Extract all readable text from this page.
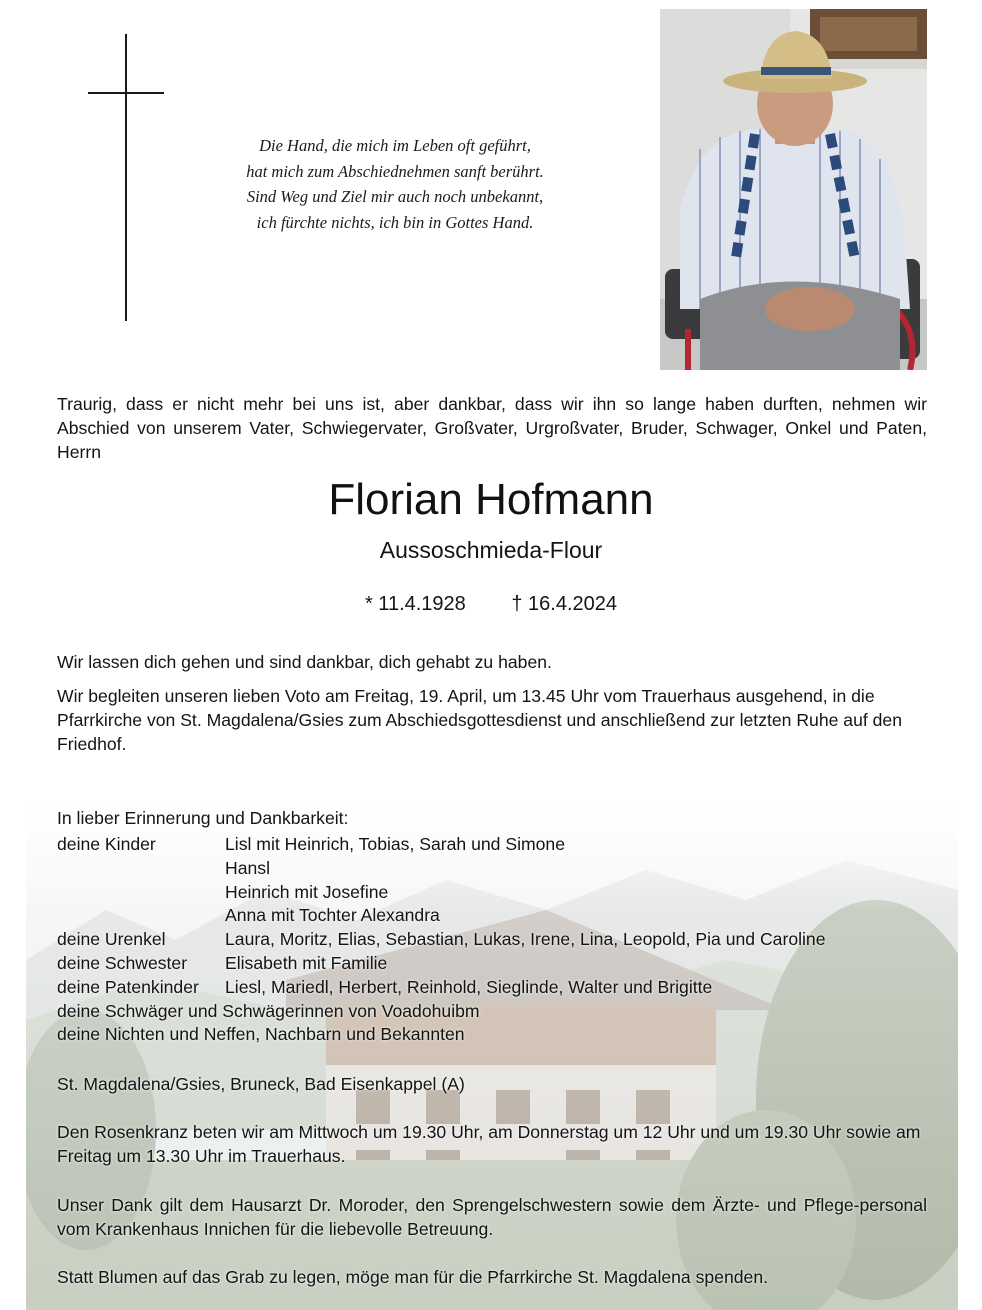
Die Hand, die mich im Leben oft geführt,
hat mich zum Abschiednehmen sanft berührt.
Sind Weg und Ziel mir auch noch unbekannt,
ich fürchte nichts, ich bin in Gottes Hand.
Traurig, dass er nicht mehr bei uns ist, aber dankbar, dass wir ihn so lange haben durften, nehmen wir Abschied von unserem Vater, Schwiegervater, Großvater, Urgroßvater, Bruder, Schwager, Onkel und Paten, Herrn
Florian Hofmann
Aussoschmieda-Flour
* 11.4.1928 † 16.4.2024
Wir lassen dich gehen und sind dankbar, dich gehabt zu haben.
Wir begleiten unseren lieben Voto am Freitag, 19. April, um 13.45 Uhr vom Trauerhaus ausgehend, in die Pfarrkirche von St. Magdalena/Gsies zum Abschiedsgottesdienst und anschließend zur letzten Ruhe auf den Friedhof.
In lieber Erinnerung und Dankbarkeit:
deine Kinder	Lisl mit Heinrich, Tobias, Sarah und Simone
Hansl
Heinrich mit Josefine
Anna mit Tochter Alexandra
deine Urenkel	Laura, Moritz, Elias, Sebastian, Lukas, Irene, Lina, Leopold, Pia und Caroline
deine Schwester Elisabeth mit Familie
deine Patenkinder Liesl, Mariedl, Herbert, Reinhold, Sieglinde, Walter und Brigitte
deine Schwäger und Schwägerinnen von Voadohuibm
deine Nichten und Neffen, Nachbarn und Bekannten
St. Magdalena/Gsies, Bruneck, Bad Eisenkappel (A)
Den Rosenkranz beten wir am Mittwoch um 19.30 Uhr, am Donnerstag um 12 Uhr und um 19.30 Uhr sowie am Freitag um 13.30 Uhr im Trauerhaus.
Unser Dank gilt dem Hausarzt Dr. Moroder, den Sprengelschwestern sowie dem Ärzte- und Pflege-personal vom Krankenhaus Innichen für die liebevolle Betreuung.
Statt Blumen auf das Grab zu legen, möge man für die Pfarrkirche St. Magdalena spenden.
